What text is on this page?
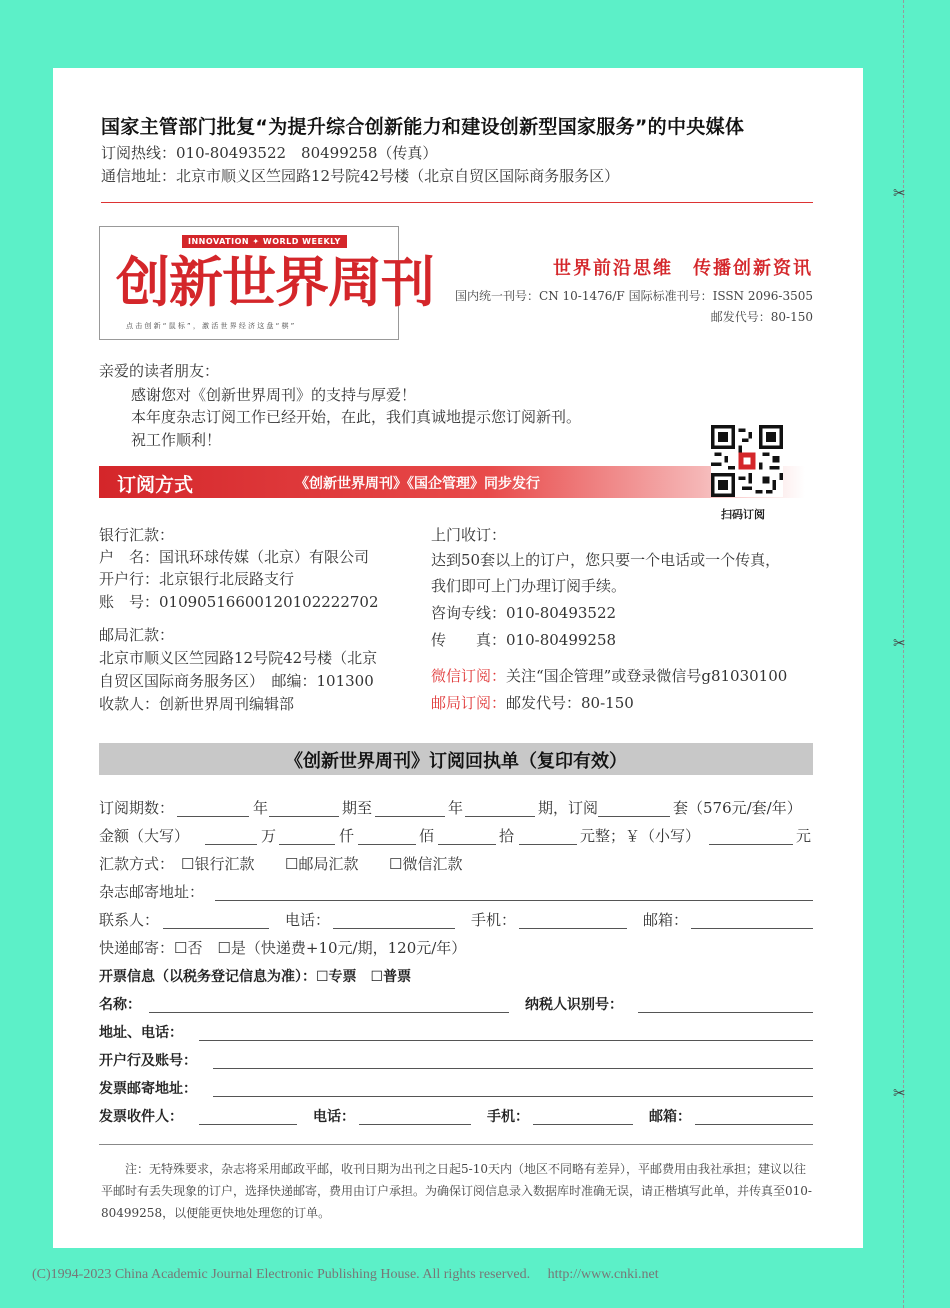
✂
✂
✂
国家主管部门批复“为提升综合创新能力和建设创新型国家服务”的中央媒体
订阅热线：010-80493522　80499258（传真）
通信地址：北京市顺义区竺园路12号院42号楼（北京自贸区国际商务服务区）
INNOVATION ✦ WORLD WEEKLY
创新世界周刊
点击创新“鼠标”，激活世界经济这盘“棋”
世界前沿思维　传播创新资讯
国内统一刊号：CN 10-1476/F 国际标准刊号：ISSN 2096-3505
邮发代号：80-150
亲爱的读者朋友：
感谢您对《创新世界周刊》的支持与厚爱！
本年度杂志订阅工作已经开始，在此，我们真诚地提示您订阅新刊。
祝工作顺利！
订阅方式	《创新世界周刊》《国企管理》同步发行
扫码订阅
银行汇款：
户　名：国讯环球传媒（北京）有限公司
开户行：北京银行北辰路支行
账　号：01090516600120102222702
邮局汇款：
北京市顺义区竺园路12号院42号楼（北京
自贸区国际商务服务区）　邮编：101300
收款人：创新世界周刊编辑部
上门收订：
达到50套以上的订户，您只要一个电话或一个传真，
我们即可上门办理订阅手续。
咨询专线：010-80493522
传　　真：010-80499258
微信订阅：关注“国企管理”或登录微信号g81030100
邮局订阅：邮发代号：80-150
《创新世界周刊》订阅回执单（复印有效）
订阅期数：	年	期至	年	期，订阅	套（576元/套/年）
金额（大写）	万	仟	佰	拾	元整；￥（小写）	元
汇款方式： ☐银行汇款 ☐邮局汇款 ☐微信汇款
杂志邮寄地址：
联系人：	电话：	手机：	邮箱：
快递邮寄：☐否　☐是（快递费+10元/期，120元/年）
开票信息（以税务登记信息为准）：☐专票　☐普票
名称：	纳税人识别号：
地址、电话：
开户行及账号：
发票邮寄地址：
发票收件人：	电话：	手机：	邮箱：
注：无特殊要求，杂志将采用邮政平邮，收刊日期为出刊之日起5-10天内（地区不同略有差异），平邮费用由我社承担；建议以往平邮时有丢失现象的订户，选择快递邮寄，费用由订户承担。为确保订阅信息录入数据库时准确无误，请正楷填写此单，并传真至010-80499258，以便能更快地处理您的订单。
(C)1994-2023 China Academic Journal Electronic Publishing House. All rights reserved.　 http://www.cnki.net
